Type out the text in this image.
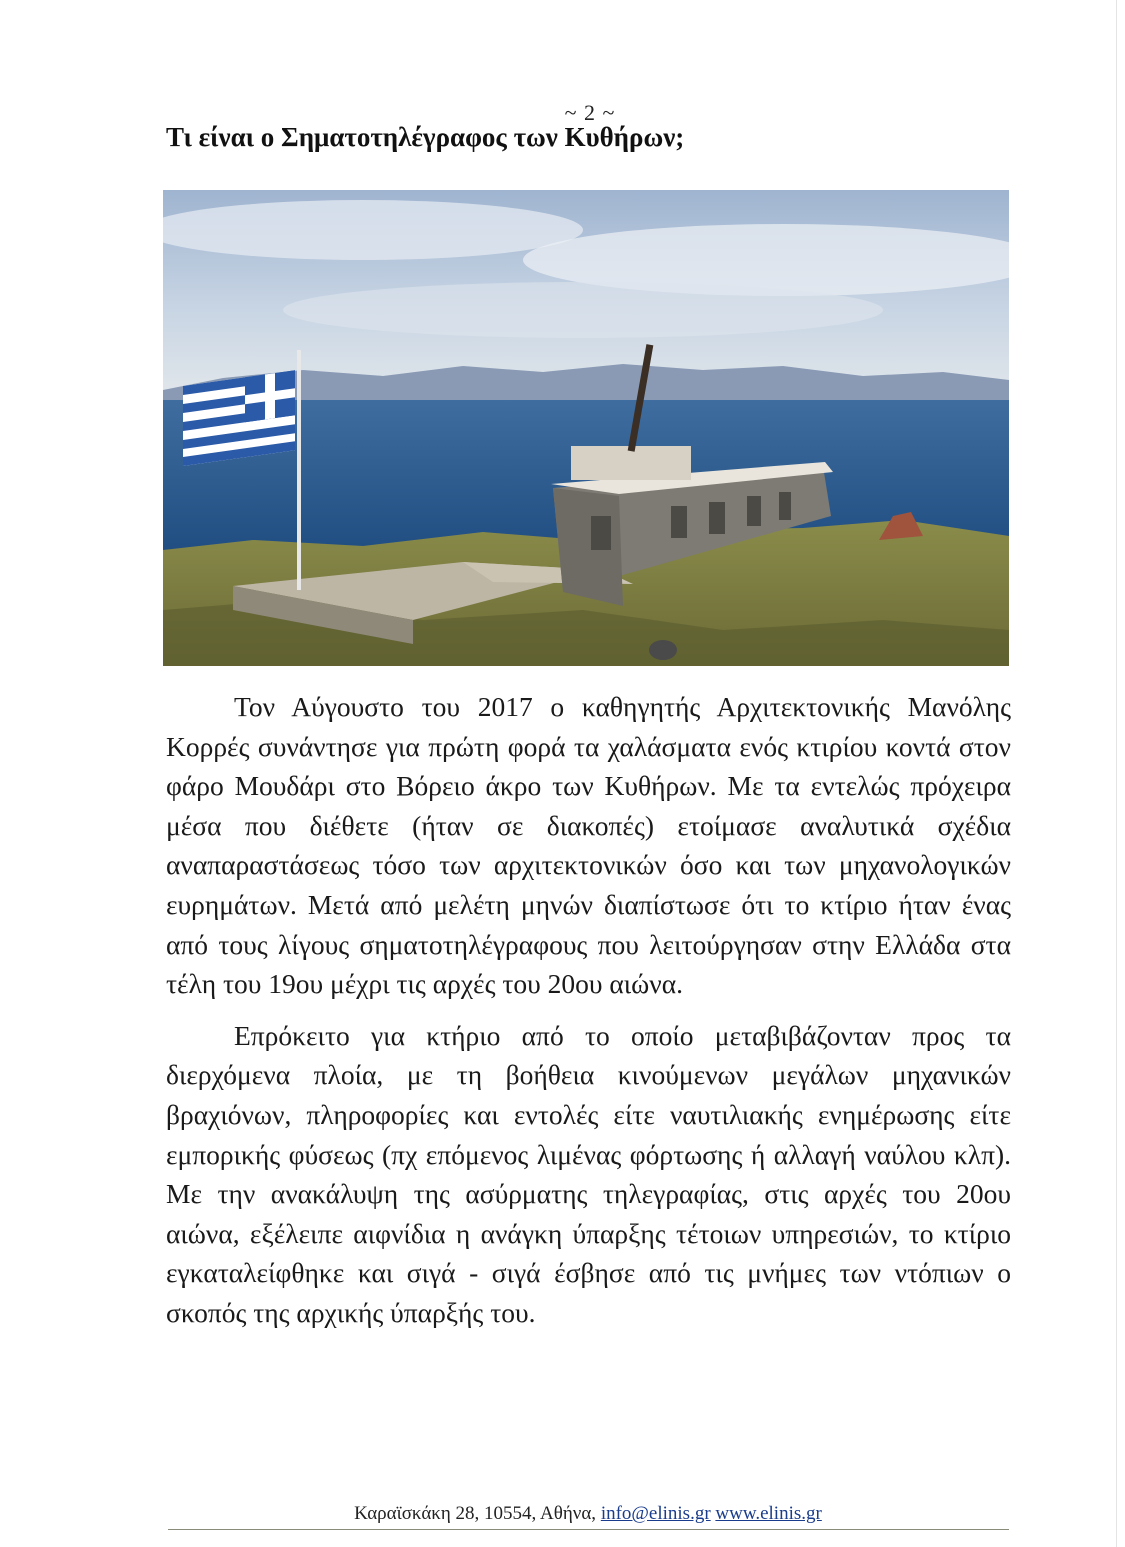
~ 2 ~
Τι είναι ο Σηματοτηλέγραφος των Κυθήρων;

Τον Αύγουστο του 2017 ο καθηγητής Αρχιτεκτονικής Μανόλης Κορρές συνάντησε για πρώτη φορά τα χαλάσματα ενός κτιρίου κοντά στον φάρο Μουδάρι στο Βόρειο άκρο των Κυθήρων. Με τα εντελώς πρόχειρα μέσα που διέθετε (ήταν σε διακοπές) ετοίμασε αναλυτικά σχέδια αναπαραστάσεως τόσο των αρχιτεκτονικών όσο και των μηχανολογικών ευρημάτων. Μετά από μελέτη μηνών διαπίστωσε ότι το κτίριο ήταν ένας από τους λίγους σηματοτηλέγραφους που λειτούργησαν στην Ελλάδα στα τέλη του 19ου μέχρι τις αρχές του 20ου αιώνα.

Επρόκειτο για κτήριο από το οποίο μεταβιβάζονταν προς τα διερχόμενα πλοία, με τη βοήθεια κινούμενων μεγάλων μηχανικών βραχιόνων, πληροφορίες και εντολές είτε ναυτιλιακής ενημέρωσης είτε εμπορικής φύσεως (πχ επόμενος λιμένας φόρτωσης ή αλλαγή ναύλου κλπ). Με την ανακάλυψη της ασύρματης τηλεγραφίας, στις αρχές του 20ου αιώνα, εξέλειπε αιφνίδια η ανάγκη ύπαρξης τέτοιων υπηρεσιών, το κτίριο εγκαταλείφθηκε και σιγά - σιγά έσβησε από τις μνήμες των ντόπιων ο σκοπός της αρχικής ύπαρξής του.

Καραϊσκάκη 28, 10554, Αθήνα, info@elinis.gr www.elinis.gr
